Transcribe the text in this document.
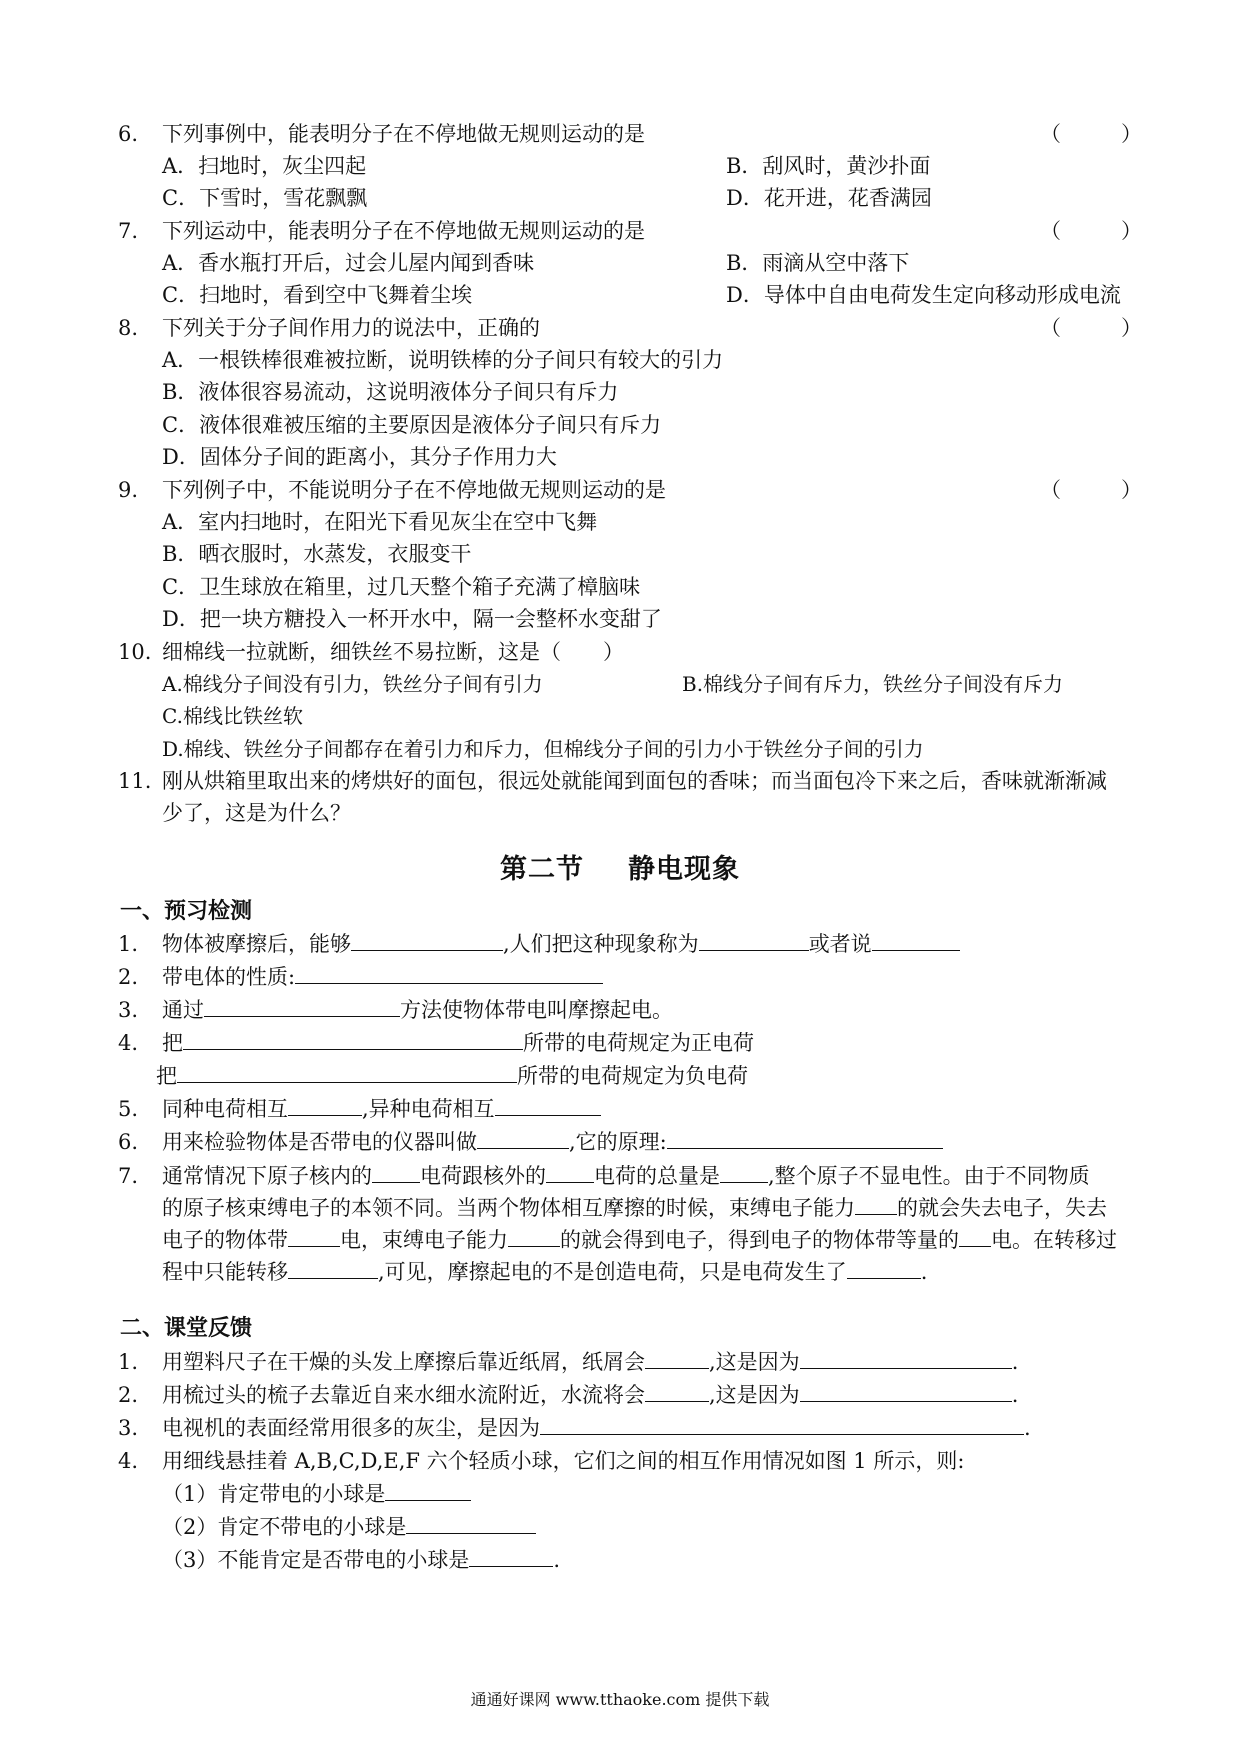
6. 下列事例中，能表明分子在不停地做无规则运动的是	（）
A．扫地时，灰尘四起	B．刮风时，黄沙扑面
C．下雪时，雪花飘飘	D．花开进，花香满园
7. 下列运动中，能表明分子在不停地做无规则运动的是	（）
A．香水瓶打开后，过会儿屋内闻到香味	B．雨滴从空中落下
C．扫地时，看到空中飞舞着尘埃	D．导体中自由电荷发生定向移动形成电流
8. 下列关于分子间作用力的说法中，正确的	（）
A．一根铁棒很难被拉断，说明铁棒的分子间只有较大的引力
B．液体很容易流动，这说明液体分子间只有斥力
C．液体很难被压缩的主要原因是液体分子间只有斥力
D．固体分子间的距离小，其分子作用力大
9. 下列例子中，不能说明分子在不停地做无规则运动的是	（）
A．室内扫地时，在阳光下看见灰尘在空中飞舞
B．晒衣服时，水蒸发，衣服变干
C．卫生球放在箱里，过几天整个箱子充满了樟脑味
D．把一块方糖投入一杯开水中，隔一会整杯水变甜了
10. 细棉线一拉就断，细铁丝不易拉断，这是（　　）
A.棉线分子间没有引力，铁丝分子间有引力	B.棉线分子间有斥力，铁丝分子间没有斥力
C.棉线比铁丝软
D.棉线、铁丝分子间都存在着引力和斥力，但棉线分子间的引力小于铁丝分子间的引力
11. 刚从烘箱里取出来的烤烘好的面包，很远处就能闻到面包的香味；而当面包冷下来之后，香味就渐渐减
少了，这是为什么？
第二节 静电现象
一、预习检测
1. 物体被摩擦后，能够	,人们把这种现象称为	或者说
2. 带电体的性质:
3. 通过	方法使物体带电叫摩擦起电。
4. 把	所带的电荷规定为正电荷
把	所带的电荷规定为负电荷
5. 同种电荷相互	,异种电荷相互
6. 用来检验物体是否带电的仪器叫做	,它的原理:
7. 通常情况下原子核内的 电荷跟核外的 电荷的总量是 ,整个原子不显电性。由于不同物质
的原子核束缚电子的本领不同。当两个物体相互摩擦的时候，束缚电子能力 的就会失去电子，失去
电子的物体带 电，束缚电子能力 的就会得到电子，得到电子的物体带等量的 电。在转移过
程中只能转移	,可见，摩擦起电的不是创造电荷，只是电荷发生了	.
二、课堂反馈
1. 用塑料尺子在干燥的头发上摩擦后靠近纸屑，纸屑会	,这是因为	.
2. 用梳过头的梳子去靠近自来水细水流附近，水流将会	,这是因为	.
3. 电视机的表面经常用很多的灰尘，是因为	.
4. 用细线悬挂着 A,B,C,D,E,F 六个轻质小球，它们之间的相互作用情况如图 1 所示，则:
（1）肯定带电的小球是
（2）肯定不带电的小球是
（3）不能肯定是否带电的小球是	.
通通好课网 www.tthaoke.com 提供下载
